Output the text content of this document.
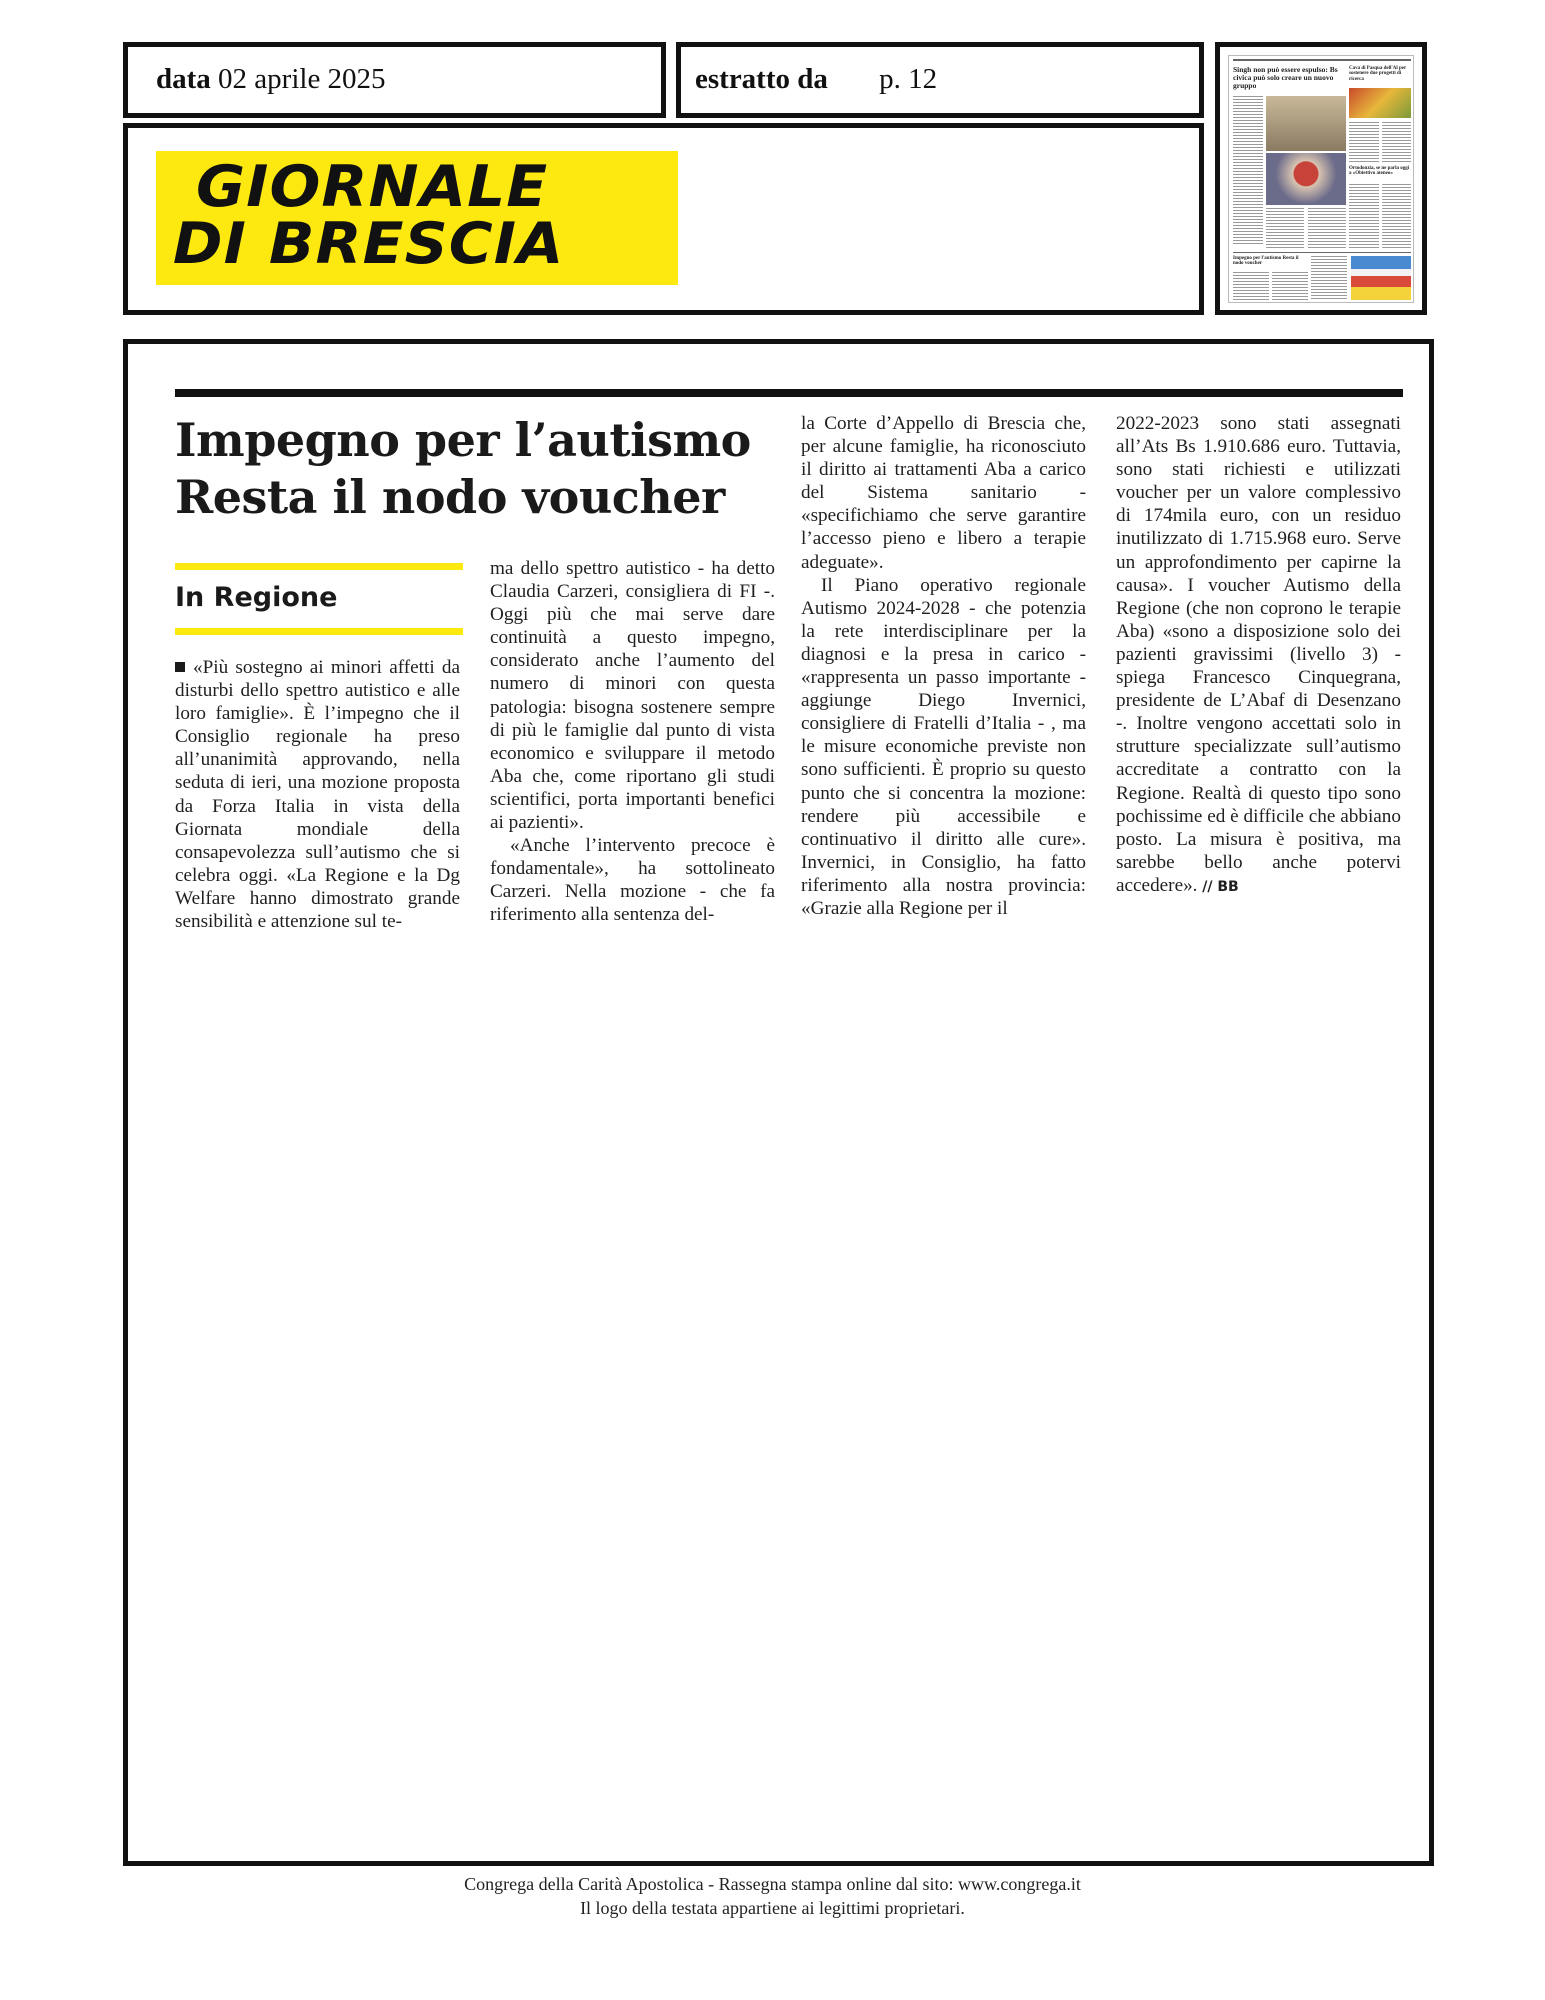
data 02 aprile 2025	estratto da p. 12
GIORNALE
DI BRESCIA
Singh non può essere espulso: Bs civica può solo creare un nuovo gruppo
Cava di Pasqua dell'Al per sostenere due progetti di ricerca
Ortodonzia, se ne parla oggi a «Obiettivo ateneo»
Impegno per l'autismo Resta il nodo voucher
Impegno per l’autismo
Resta il nodo voucher
In Regione

«Più sostegno ai minori affetti da disturbi dello spettro autistico e alle loro famiglie». È l’impegno che il Consiglio regionale ha preso all’unanimità approvando, nella seduta di ieri, una mozione proposta da Forza Italia in vista della Giornata mondiale della consapevolezza sull’autismo che si celebra oggi. «La Regione e la Dg Welfare hanno dimostrato grande sensibilità e attenzione sul te-

ma dello spettro autistico - ha detto Claudia Carzeri, consigliera di FI -. Oggi più che mai serve dare continuità a questo impegno, considerato anche l’aumento del numero di minori con questa patologia: bisogna sostenere sempre di più le famiglie dal punto di vista economico e sviluppare il metodo Aba che, come riportano gli studi scientifici, porta importanti benefici ai pazienti».

«Anche l’intervento precoce è fondamentale», ha sottolineato Carzeri. Nella mozione - che fa riferimento alla sentenza del-

la Corte d’Appello di Brescia che, per alcune famiglie, ha riconosciuto il diritto ai trattamenti Aba a carico del Sistema sanitario - «specifichiamo che serve garantire l’accesso pieno e libero a terapie adeguate».

Il Piano operativo regionale Autismo 2024-2028 - che potenzia la rete interdisciplinare per la diagnosi e la presa in carico - «rappresenta un passo importante - aggiunge Diego Invernici, consigliere di Fratelli d’Italia - , ma le misure economiche previste non sono sufficienti. È proprio su questo punto che si concentra la mozione: rendere più accessibile e continuativo il diritto alle cure». Invernici, in Consiglio, ha fatto riferimento alla nostra provincia: «Grazie alla Regione per il

2022-2023 sono stati assegnati all’Ats Bs 1.910.686 euro. Tuttavia, sono stati richiesti e utilizzati voucher per un valore complessivo di 174mila euro, con un residuo inutilizzato di 1.715.968 euro. Serve un approfondimento per capirne la causa». I voucher Autismo della Regione (che non coprono le terapie Aba) «sono a disposizione solo dei pazienti gravissimi (livello 3) - spiega Francesco Cinquegrana, presidente de L’Abaf di Desenzano -. Inoltre vengono accettati solo in strutture specializzate sull’autismo accreditate a contratto con la Regione. Realtà di questo tipo sono pochissime ed è difficile che abbiano posto. La misura è positiva, ma sarebbe bello anche potervi accedere». // BB

Congrega della Carità Apostolica - Rassegna stampa online dal sito: www.congrega.it
Il logo della testata appartiene ai legittimi proprietari.
